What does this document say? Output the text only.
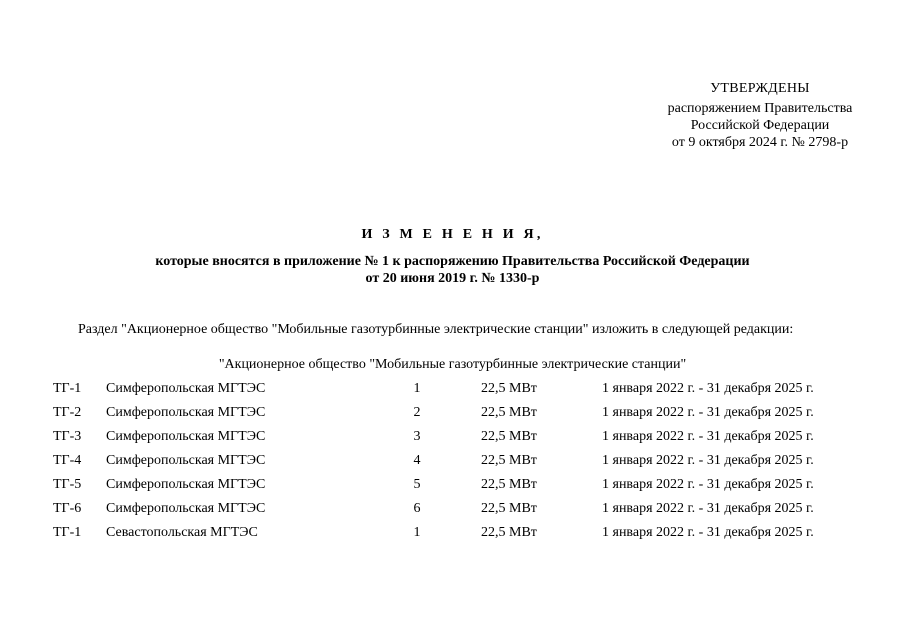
УТВЕРЖДЕНЫ
распоряжением Правительства
Российской Федерации
от 9 октября 2024 г. № 2798-р
И З М Е Н Е Н И Я,
которые вносятся в приложение № 1 к распоряжению Правительства Российской Федерации
от 20 июня 2019 г. № 1330-р
Раздел "Акционерное общество "Мобильные газотурбинные электрические станции" изложить в следующей редакции:
"Акционерное общество "Мобильные газотурбинные электрические станции"
ТГ-1 Симферопольская МГТЭС	1	22,5 МВт	1 января 2022 г. - 31 декабря 2025 г.
ТГ-2 Симферопольская МГТЭС	2	22,5 МВт	1 января 2022 г. - 31 декабря 2025 г.
ТГ-3 Симферопольская МГТЭС	3	22,5 МВт	1 января 2022 г. - 31 декабря 2025 г.
ТГ-4 Симферопольская МГТЭС	4	22,5 МВт	1 января 2022 г. - 31 декабря 2025 г.
ТГ-5 Симферопольская МГТЭС	5	22,5 МВт	1 января 2022 г. - 31 декабря 2025 г.
ТГ-6 Симферопольская МГТЭС	6	22,5 МВт	1 января 2022 г. - 31 декабря 2025 г.
ТГ-1 Севастопольская МГТЭС	1	22,5 МВт	1 января 2022 г. - 31 декабря 2025 г.
